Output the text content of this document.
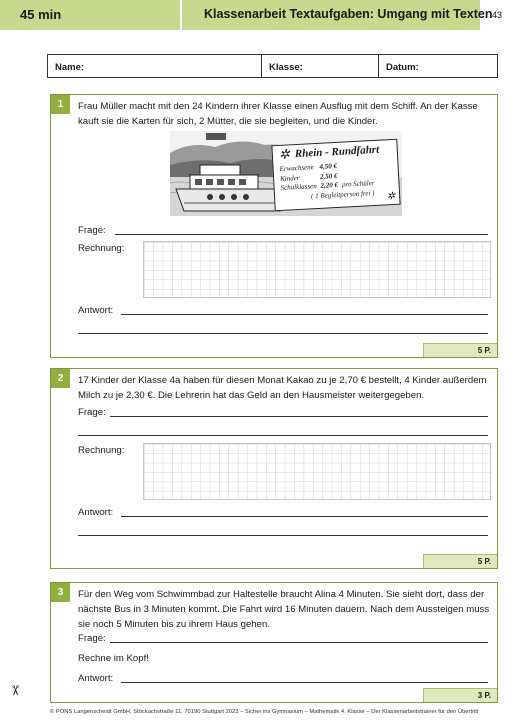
45 min	Klassenarbeit Textaufgaben: Umgang mit Texten 43
Name:	Klasse:	Datum:
1	Frau Müller macht mit den 24 Kindern ihrer Klasse einen Ausflug mit dem Schiff. An der Kasse kauft sie die Karten für sich, 2 Mütter, die sie begleiten, und die Kinder.
Frage:
Rechnung:
Antwort:
5 P.
✲ Rhein - Rundfahrt
Erwachsene 4,50 €
Kinder	2,50 €
Schulklassen 2,20 € pro Schüler
( 1 Begleitperson frei ) ✲
2	17 Kinder der Klasse 4a haben für diesen Monat Kakao zu je 2,70 € bestellt, 4 Kinder außerdem Milch zu je 2,30 €. Die Lehrerin hat das Geld an den Hausmeister weitergegeben.
Frage:
Rechnung:
Antwort:
5 P.
3	Für den Weg vom Schwimmbad zur Haltestelle braucht Alina 4 Minuten. Sie sieht dort, dass der nächste Bus in 3 Minuten kommt. Die Fahrt wird 16 Minuten dauern. Nach dem Aussteigen muss sie noch 5 Minuten bis zu ihrem Haus gehen.
Frage:
Rechne im Kopf!
Antwort:
3 P.
✂
© PONS Langenscheidt GmbH, Stöckachstraße 11, 70190 Stuttgart 2023 – Sicher ins Gymnasium – Mathematik 4. Klasse – Der Klassenarbeitstrainer für den Übertritt
